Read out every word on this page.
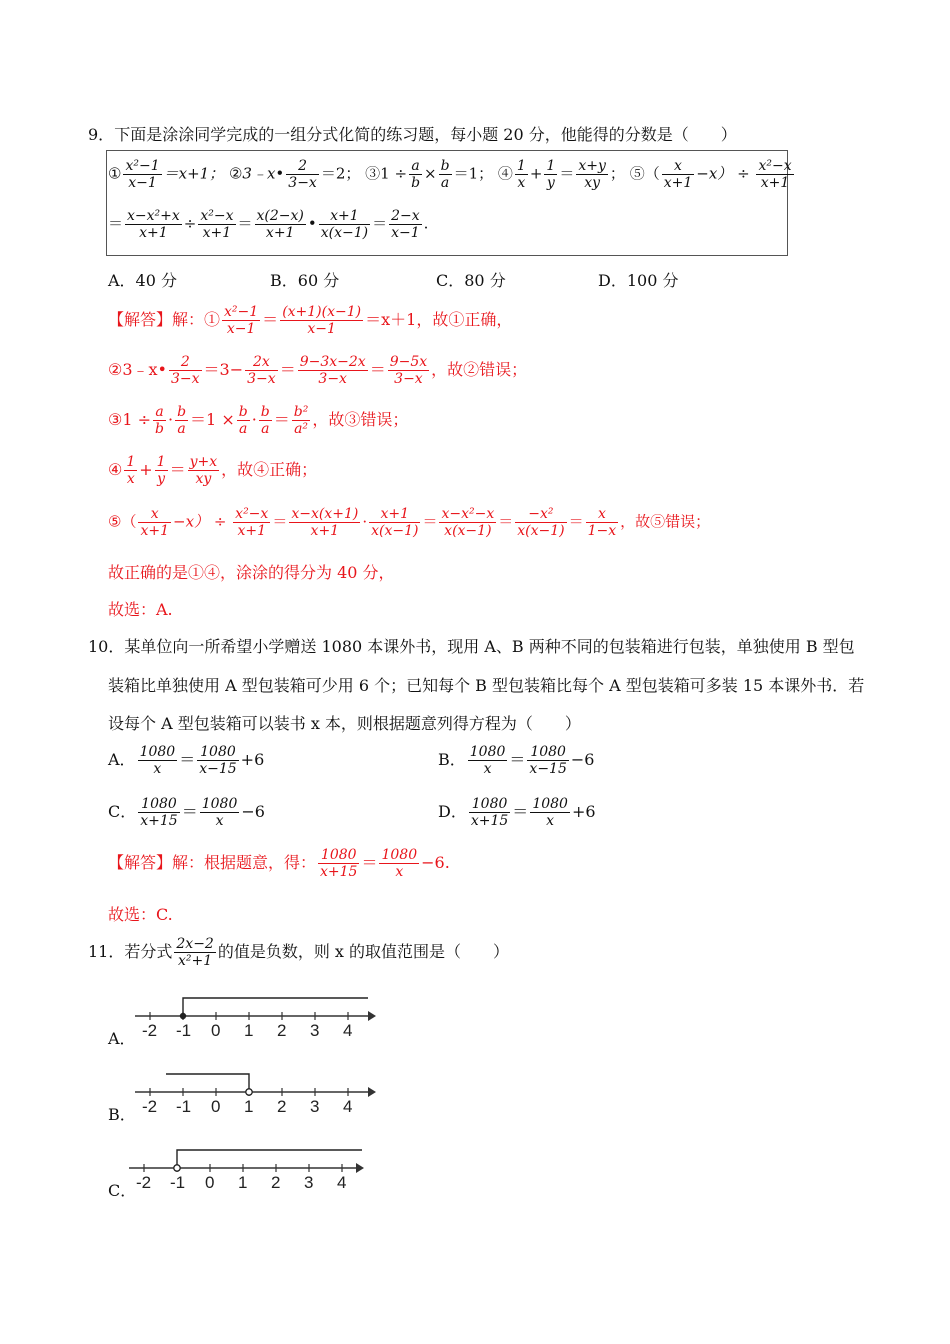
9．下面是涂涂同学完成的一组分式化简的练习题，每小题 20 分，他能得的分数是（　　）
① $\frac{\text{x²−1}}{x-1} =x+1$； ②3﹣x• $\frac{2}{3-x} =2$； ③1 ÷ $\frac{a}{b} \times \frac{b}{a} =1$； ④ $\frac{1}{x} + \frac{1}{y} = \frac{x+y}{xy}$ ； ⑤（ $\frac{x}{x+1} -x) \div \frac{\text{x²−x}}{x+1}$
＝ $\frac{\text{x−x²+x}}{x+1} \div \frac{\text{x²−x}}{x+1} = \frac{x(2-x)}{x+1}$ • $\frac{x+1}{x(x-1)} = \frac{2-x}{x-1}$ .
A．40 分	B．60 分	C．80 分	D．100 分
【解答】解：① $\frac{\text{x²−1}}{x-1} = \frac{(x+1)(x-1)}{x-1} =x+1$，故①正确，
②3﹣x• $\frac{2}{3-x} =3- \frac{2x}{3-x} = \frac{9-3x-2x}{3-x} = \frac{9-5x}{3-x}$ ，故②错误；
③1 ÷ $\frac{a}{b} \cdot \frac{b}{a} =1 \times \frac{b}{a} \cdot \frac{b}{a} = \frac{\text{b²}}{\text{a²}}$ ，故③错误；
④ $\frac{1}{x} + \frac{1}{y} = \frac{y+x}{xy}$ ，故④正确；
⑤（ $\frac{x}{x+1} -x) \div \frac{\text{x²−x}}{x+1} = \frac{x-x(x+1)}{x+1} \cdot \frac{x+1}{x(x-1)} = \frac{\text{x−x²−x}}{x(x-1)} = \frac{\text{−x²}}{x(x-1)} = \frac{x}{1-x}$ ，故⑤错误；
故正确的是①④，涂涂的得分为 40 分，
故选：A.
10．某单位向一所希望小学赠送 1080 本课外书，现用 A、B 两种不同的包装箱进行包装，单独使用 B 型包
装箱比单独使用 A 型包装箱可少用 6 个；已知每个 B 型包装箱比每个 A 型包装箱可多装 15 本课外书．若
设每个 A 型包装箱可以装书 x 本，则根据题意列得方程为（　　）
A． $\frac{1080}{x} = \frac{1080}{x-15} +6$	B． $\frac{1080}{x} = \frac{1080}{x-15} -6$
C． $\frac{1080}{x+15} = \frac{1080}{x} -6$	D． $\frac{1080}{x+15} = \frac{1080}{x} +6$
【解答】解：根据题意，得： $\frac{1080}{x+15} = \frac{1080}{x} -6$.
故选：C.
11．若分式 $\frac{2x-2}{\text{x²+1}}$ 的值是负数，则 x 的取值范围是（　　）
A． -2 -1 0 1 2 3 4
B． -2 -1 0 1 2 3 4
C． -2 -1 0 1 2 3 4
